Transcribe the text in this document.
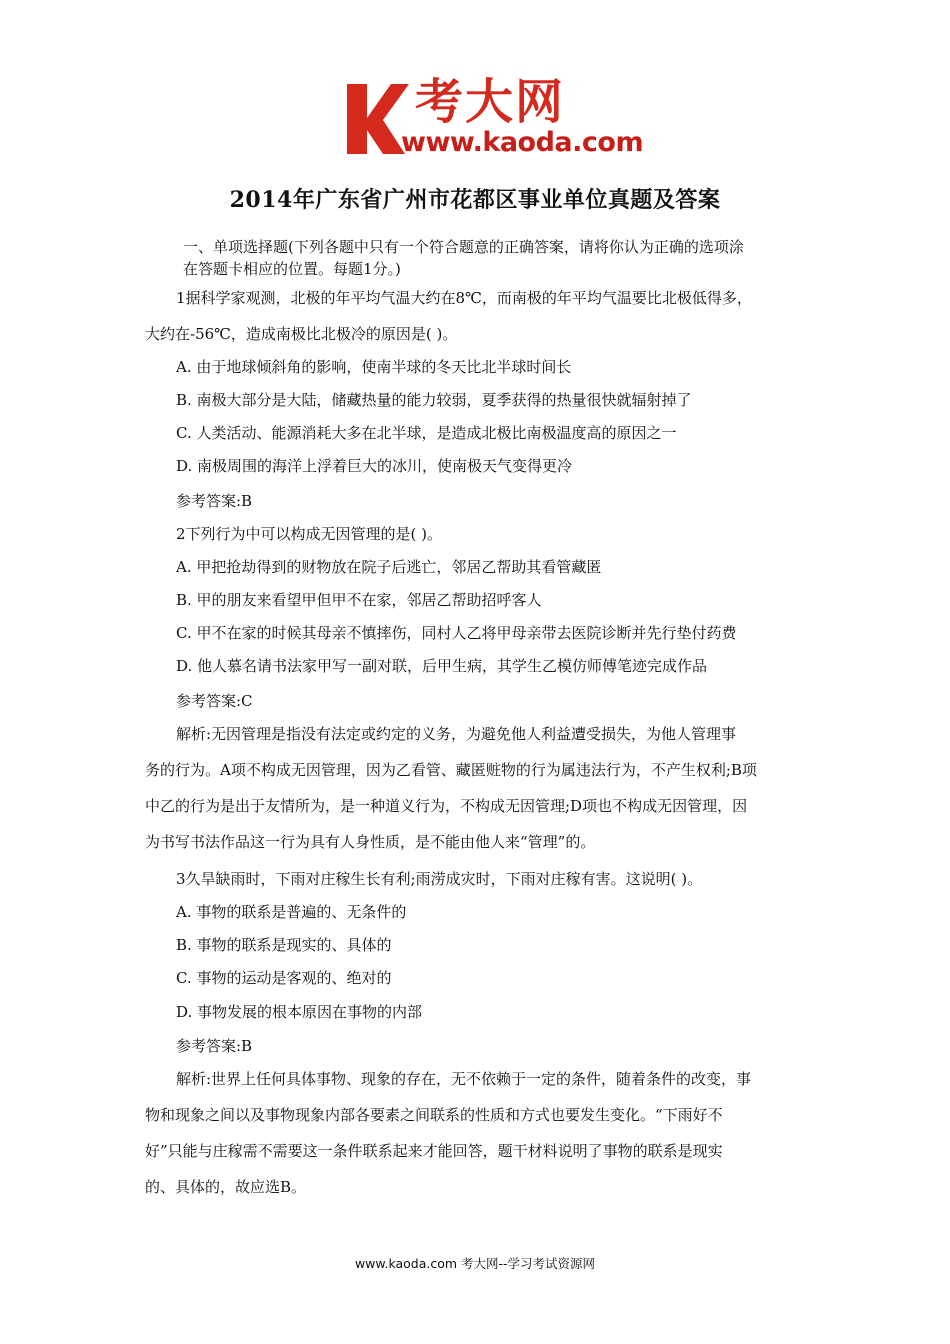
考大网
www.kaoda.com
2014年广东省广州市花都区事业单位真题及答案
一、单项选择题(下列各题中只有一个符合题意的正确答案，请将你认为正确的选项涂
在答题卡相应的位置。每题1分。)
1据科学家观测，北极的年平均气温大约在8℃，而南极的年平均气温要比北极低得多，
大约在-56℃，造成南极比北极冷的原因是( )。
A. 由于地球倾斜角的影响，使南半球的冬天比北半球时间长
B. 南极大部分是大陆，储藏热量的能力较弱，夏季获得的热量很快就辐射掉了
C. 人类活动、能源消耗大多在北半球，是造成北极比南极温度高的原因之一
D. 南极周围的海洋上浮着巨大的冰川，使南极天气变得更冷
参考答案:B
2下列行为中可以构成无因管理的是( )。
A. 甲把抢劫得到的财物放在院子后逃亡，邻居乙帮助其看管藏匿
B. 甲的朋友来看望甲但甲不在家，邻居乙帮助招呼客人
C. 甲不在家的时候其母亲不慎摔伤，同村人乙将甲母亲带去医院诊断并先行垫付药费
D. 他人慕名请书法家甲写一副对联，后甲生病，其学生乙模仿师傅笔迹完成作品
参考答案:C
解析:无因管理是指没有法定或约定的义务，为避免他人利益遭受损失，为他人管理事
务的行为。A项不构成无因管理，因为乙看管、藏匿赃物的行为属违法行为，不产生权利;B项
中乙的行为是出于友情所为，是一种道义行为，不构成无因管理;D项也不构成无因管理，因
为书写书法作品这一行为具有人身性质，是不能由他人来“管理”的。
3久旱缺雨时，下雨对庄稼生长有利;雨涝成灾时，下雨对庄稼有害。这说明( )。
A. 事物的联系是普遍的、无条件的
B. 事物的联系是现实的、具体的
C. 事物的运动是客观的、绝对的
D. 事物发展的根本原因在事物的内部
参考答案:B
解析:世界上任何具体事物、现象的存在，无不依赖于一定的条件，随着条件的改变，事
物和现象之间以及事物现象内部各要素之间联系的性质和方式也要发生变化。“下雨好不
好”只能与庄稼需不需要这一条件联系起来才能回答，题干材料说明了事物的联系是现实
的、具体的，故应选B。
www.kaoda.com 考大网--学习考试资源网
